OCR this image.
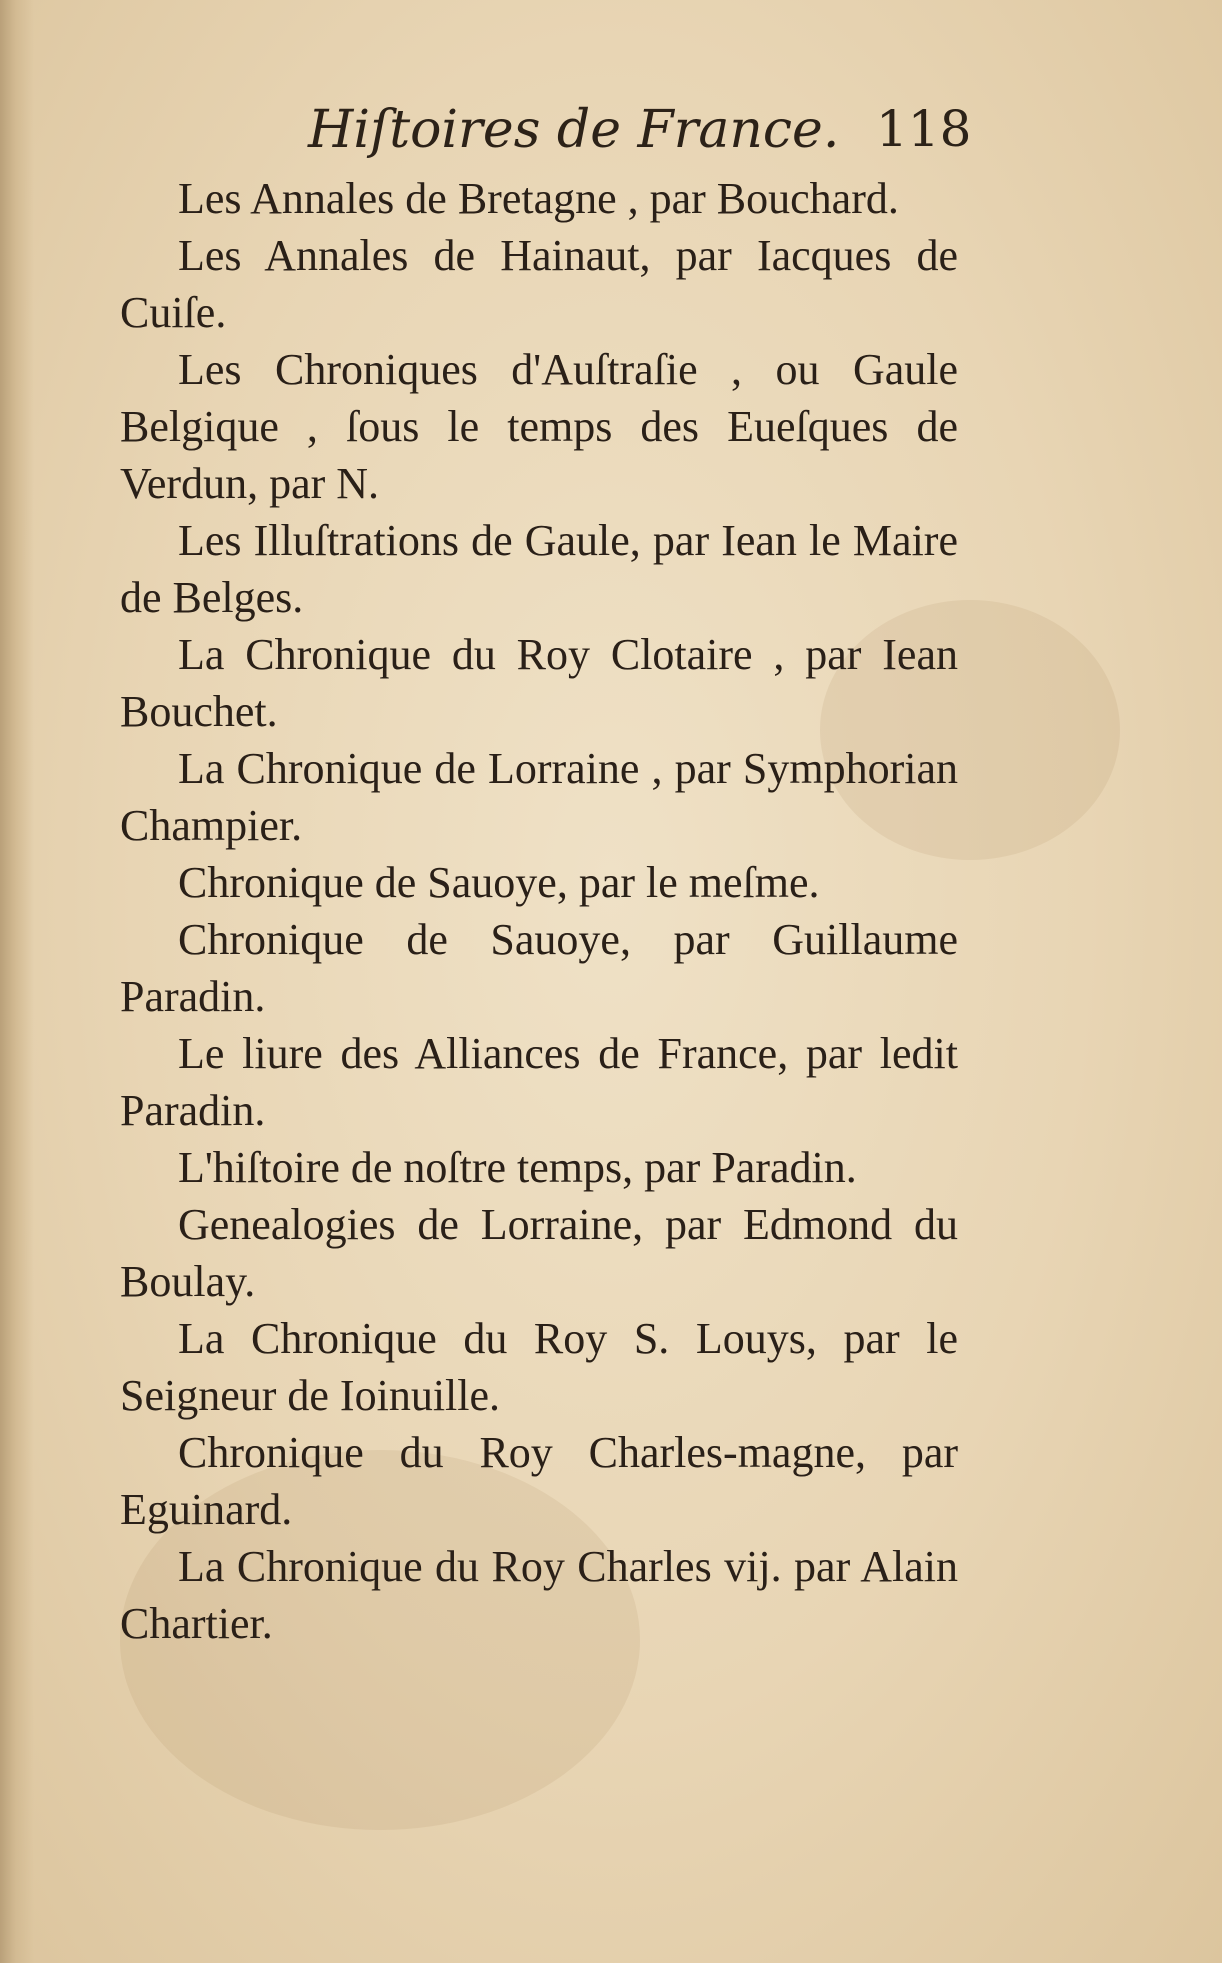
Hiſtoires de France. 118

Les Annales de Bretagne , par Bouchard.

Les Annales de Hainaut, par Iacques de Cuiſe.

Les Chroniques d'Auſtraſie , ou Gaule Belgique , ſous le temps des Eueſques de Verdun, par N.

Les Illuſtrations de Gaule, par Iean le Maire de Belges.

La Chronique du Roy Clotaire , par Iean Bouchet.

La Chronique de Lorraine , par Symphorian Champier.

Chronique de Sauoye, par le meſme.

Chronique de Sauoye, par Guillaume Paradin.

Le liure des Alliances de France, par ledit Paradin.

L'hiſtoire de noſtre temps, par Paradin.

Genealogies de Lorraine, par Edmond du Boulay.

La Chronique du Roy S. Louys, par le Seigneur de Ioinuille.

Chronique du Roy Charles-magne, par Eguinard.

La Chronique du Roy Charles vij. par Alain Chartier.
